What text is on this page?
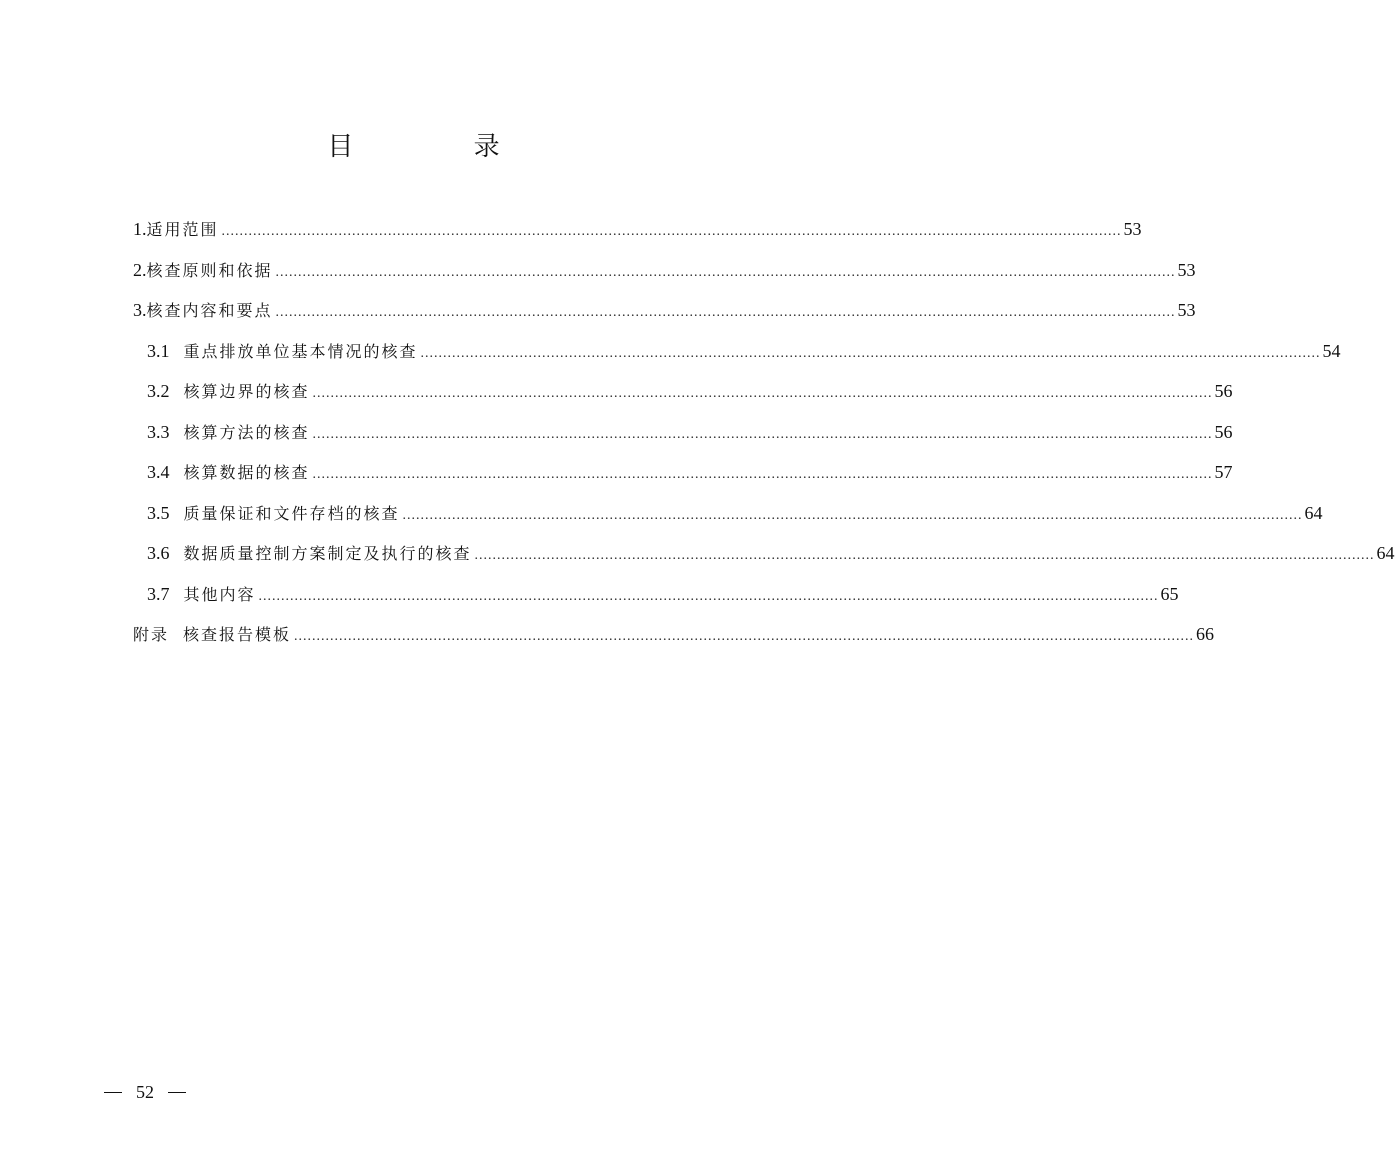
目 录
1. 适用范围 ........................................................................................................................................................................................................ 53
2. 核查原则和依据 ........................................................................................................................................................................................................ 53
3. 核查内容和要点 ........................................................................................................................................................................................................ 53
3.1 重点排放单位基本情况的核查 ........................................................................................................................................................................................................ 54
3.2 核算边界的核查 ........................................................................................................................................................................................................ 56
3.3 核算方法的核查 ........................................................................................................................................................................................................ 56
3.4 核算数据的核查 ........................................................................................................................................................................................................ 57
3.5 质量保证和文件存档的核查 ........................................................................................................................................................................................................ 64
3.6 数据质量控制方案制定及执行的核查 ........................................................................................................................................................................................................ 64
3.7 其他内容 ........................................................................................................................................................................................................ 65
附录 核查报告模板 ........................................................................................................................................................................................................ 66
52
